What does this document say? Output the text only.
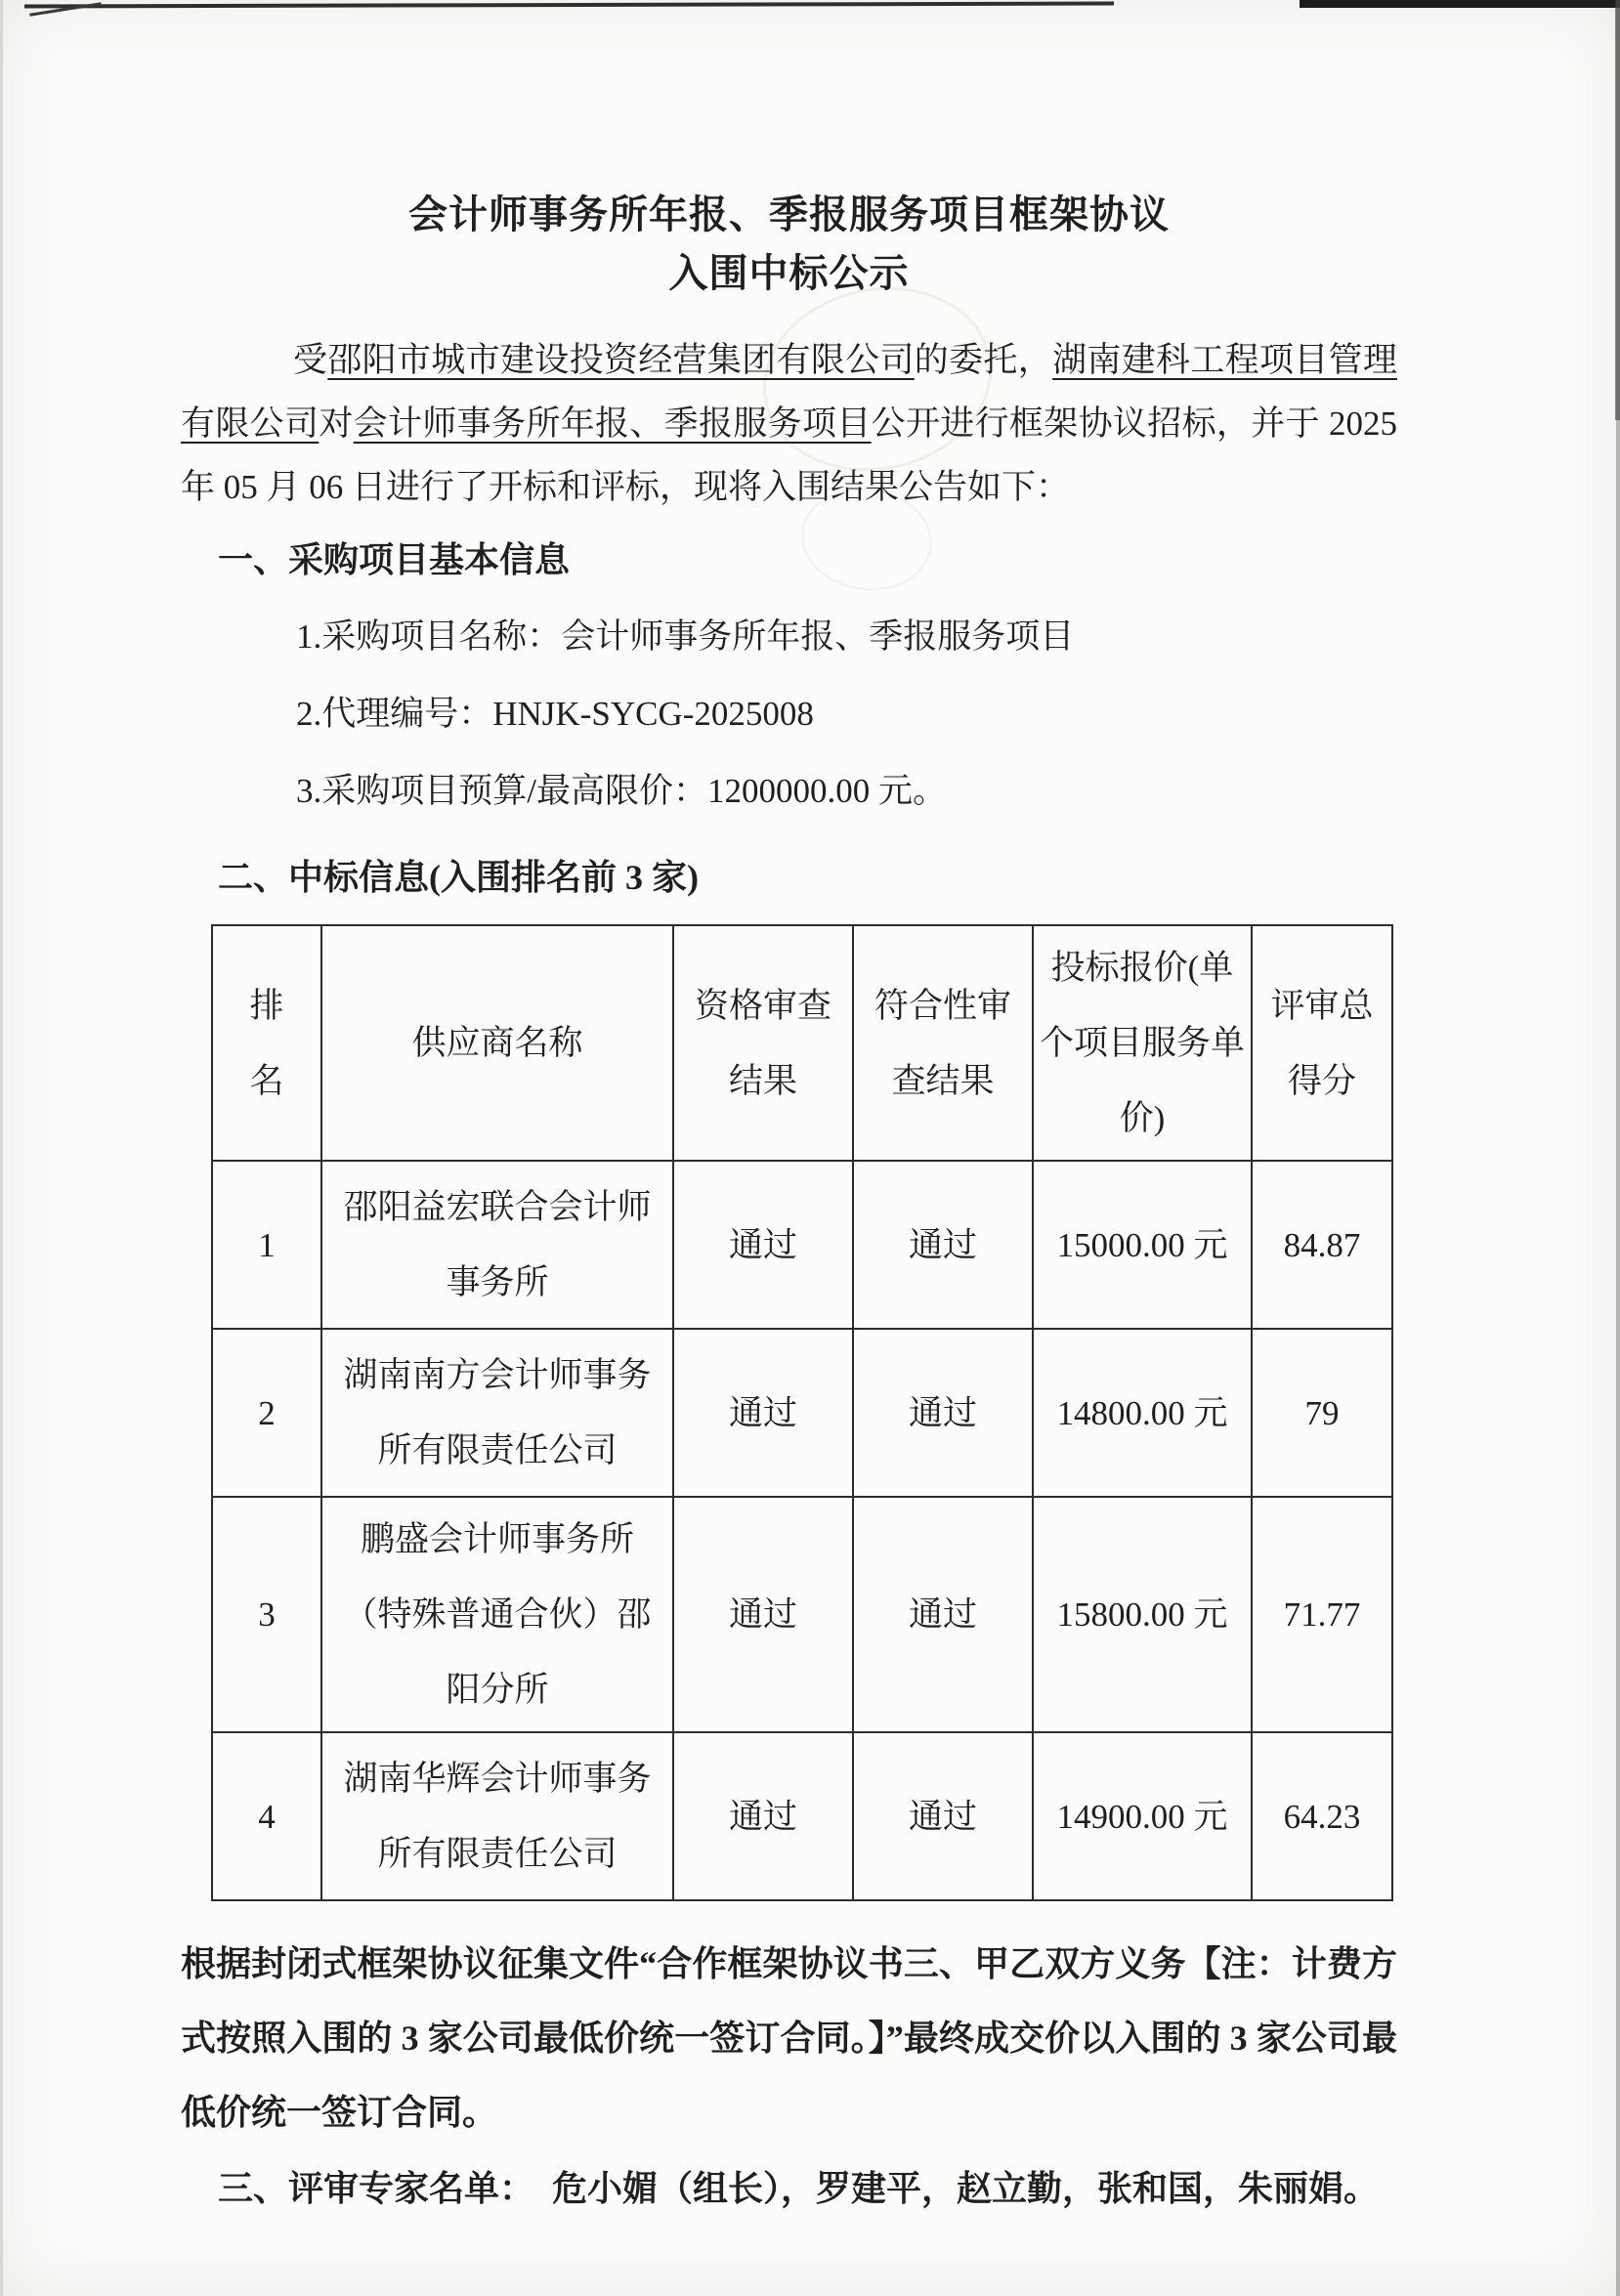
会计师事务所年报、季报服务项目框架协议
入围中标公示

受邵阳市城市建设投资经营集团有限公司的委托，湖南建科工程项目管理有限公司对会计师事务所年报、季报服务项目公开进行框架协议招标，并于 2025 年 05 月 06 日进行了开标和评标，现将入围结果公告如下：

一、采购项目基本信息

1.采购项目名称：会计师事务所年报、季报服务项目

2.代理编号：HNJK-SYCG-2025008

3.采购项目预算/最高限价：1200000.00 元。

二、中标信息(入围排名前 3 家)
排名	供应商名称	资格审查结果	符合性审查结果	投标报价(单个项目服务单价)	评审总得分
1	邵阳益宏联合会计师事务所	通过	通过	15000.00 元	84.87
2	湖南南方会计师事务所有限责任公司	通过	通过	14800.00 元	79
3	鹏盛会计师事务所（特殊普通合伙）邵阳分所	通过	通过	15800.00 元	71.77
4	湖南华辉会计师事务所有限责任公司	通过	通过	14900.00 元	64.23

根据封闭式框架协议征集文件“合作框架协议书三、甲乙双方义务【注：计费方式按照入围的 3 家公司最低价统一签订合同。】”最终成交价以入围的 3 家公司最低价统一签订合同。

三、评审专家名单：  危小媚（组长），罗建平，赵立勤，张和国，朱丽娟。
